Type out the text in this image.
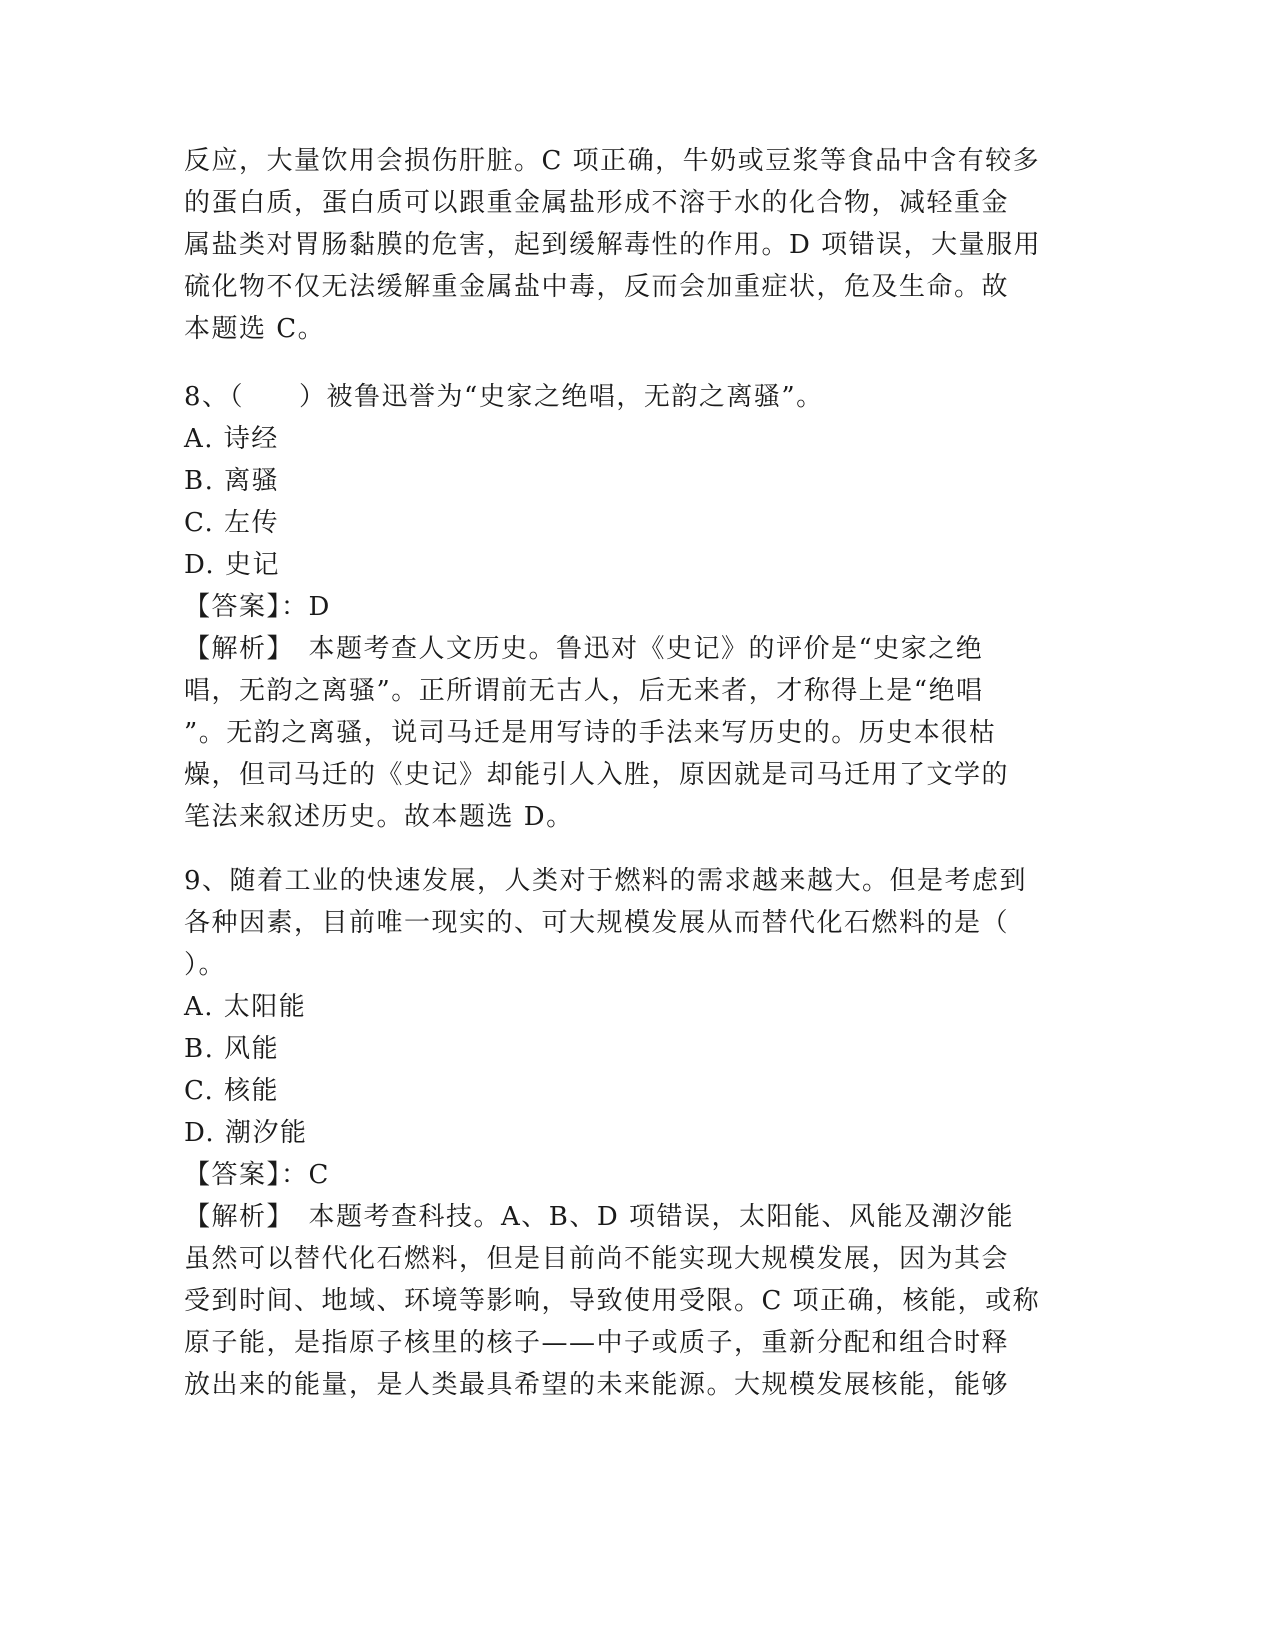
反应，大量饮用会损伤肝脏。C 项正确，牛奶或豆浆等食品中含有较多
的蛋白质，蛋白质可以跟重金属盐形成不溶于水的化合物，减轻重金
属盐类对胃肠黏膜的危害，起到缓解毒性的作用。D 项错误，大量服用
硫化物不仅无法缓解重金属盐中毒，反而会加重症状，危及生命。故
本题选 C。
8、（　　）被鲁迅誉为“史家之绝唱，无韵之离骚”。
A. 诗经
B. 离骚
C. 左传
D. 史记
【答案】：D
【解析】　本题考查人文历史。鲁迅对《史记》的评价是“史家之绝
唱，无韵之离骚”。正所谓前无古人，后无来者，才称得上是“绝唱
”。无韵之离骚，说司马迁是用写诗的手法来写历史的。历史本很枯
燥，但司马迁的《史记》却能引人入胜，原因就是司马迁用了文学的
笔法来叙述历史。故本题选 D。
9、随着工业的快速发展，人类对于燃料的需求越来越大。但是考虑到
各种因素，目前唯一现实的、可大规模发展从而替代化石燃料的是（
）。
A. 太阳能
B. 风能
C. 核能
D. 潮汐能
【答案】：C
【解析】　本题考查科技。A、B、D 项错误，太阳能、风能及潮汐能
虽然可以替代化石燃料，但是目前尚不能实现大规模发展，因为其会
受到时间、地域、环境等影响，导致使用受限。C 项正确，核能，或称
原子能，是指原子核里的核子——中子或质子，重新分配和组合时释
放出来的能量，是人类最具希望的未来能源。大规模发展核能，能够
